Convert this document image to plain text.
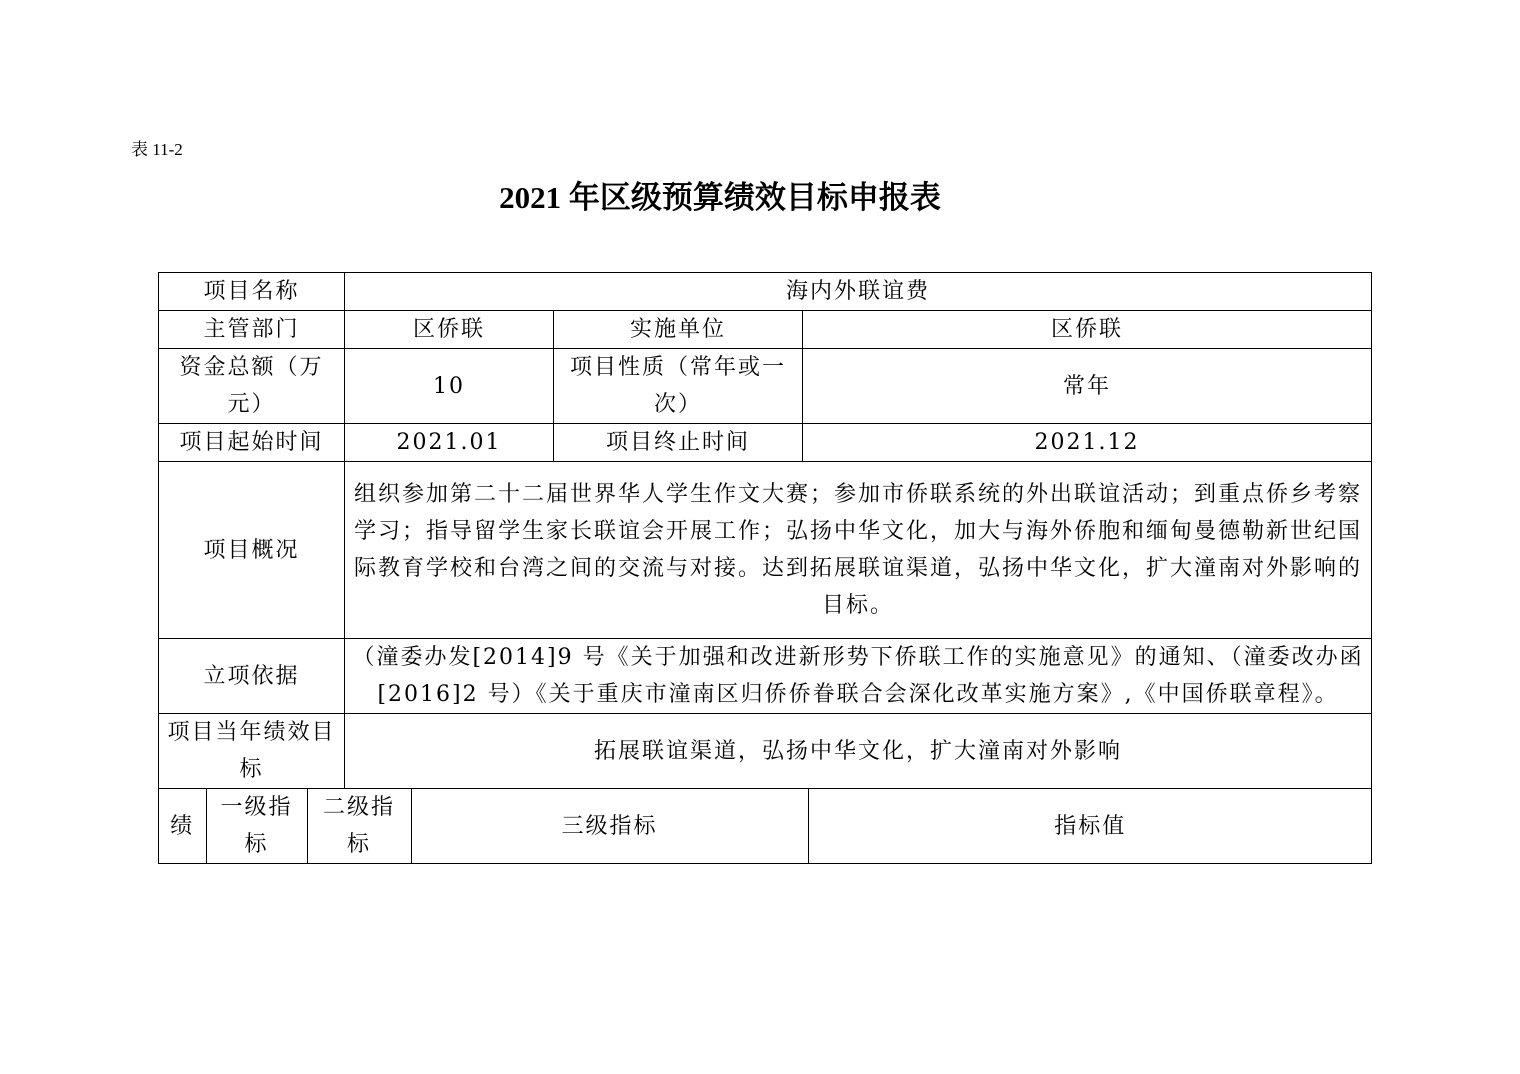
表 11-2
2021 年区级预算绩效目标申报表
项目名称	海内外联谊费
主管部门	区侨联	实施单位	区侨联
资金总额（万元）	10	项目性质（常年或一次）	常年
项目起始时间	2021.01	项目终止时间	2021.12
项目概况	组织参加第二十二届世界华人学生作文大赛；参加市侨联系统的外出联谊活动；到重点侨乡考察学习；指导留学生家长联谊会开展工作；弘扬中华文化，加大与海外侨胞和缅甸曼德勒新世纪国际教育学校和台湾之间的交流与对接。达到拓展联谊渠道，弘扬中华文化，扩大潼南对外影响的目标。
立项依据	（潼委办发[2014]9 号《关于加强和改进新形势下侨联工作的实施意见》的通知、（潼委改办函[2016]2 号）《关于重庆市潼南区归侨侨眷联合会深化改革实施方案》,《中国侨联章程》。
项目当年绩效目标	拓展联谊渠道，弘扬中华文化，扩大潼南对外影响

绩	一级指标	二级指标	三级指标	指标值
